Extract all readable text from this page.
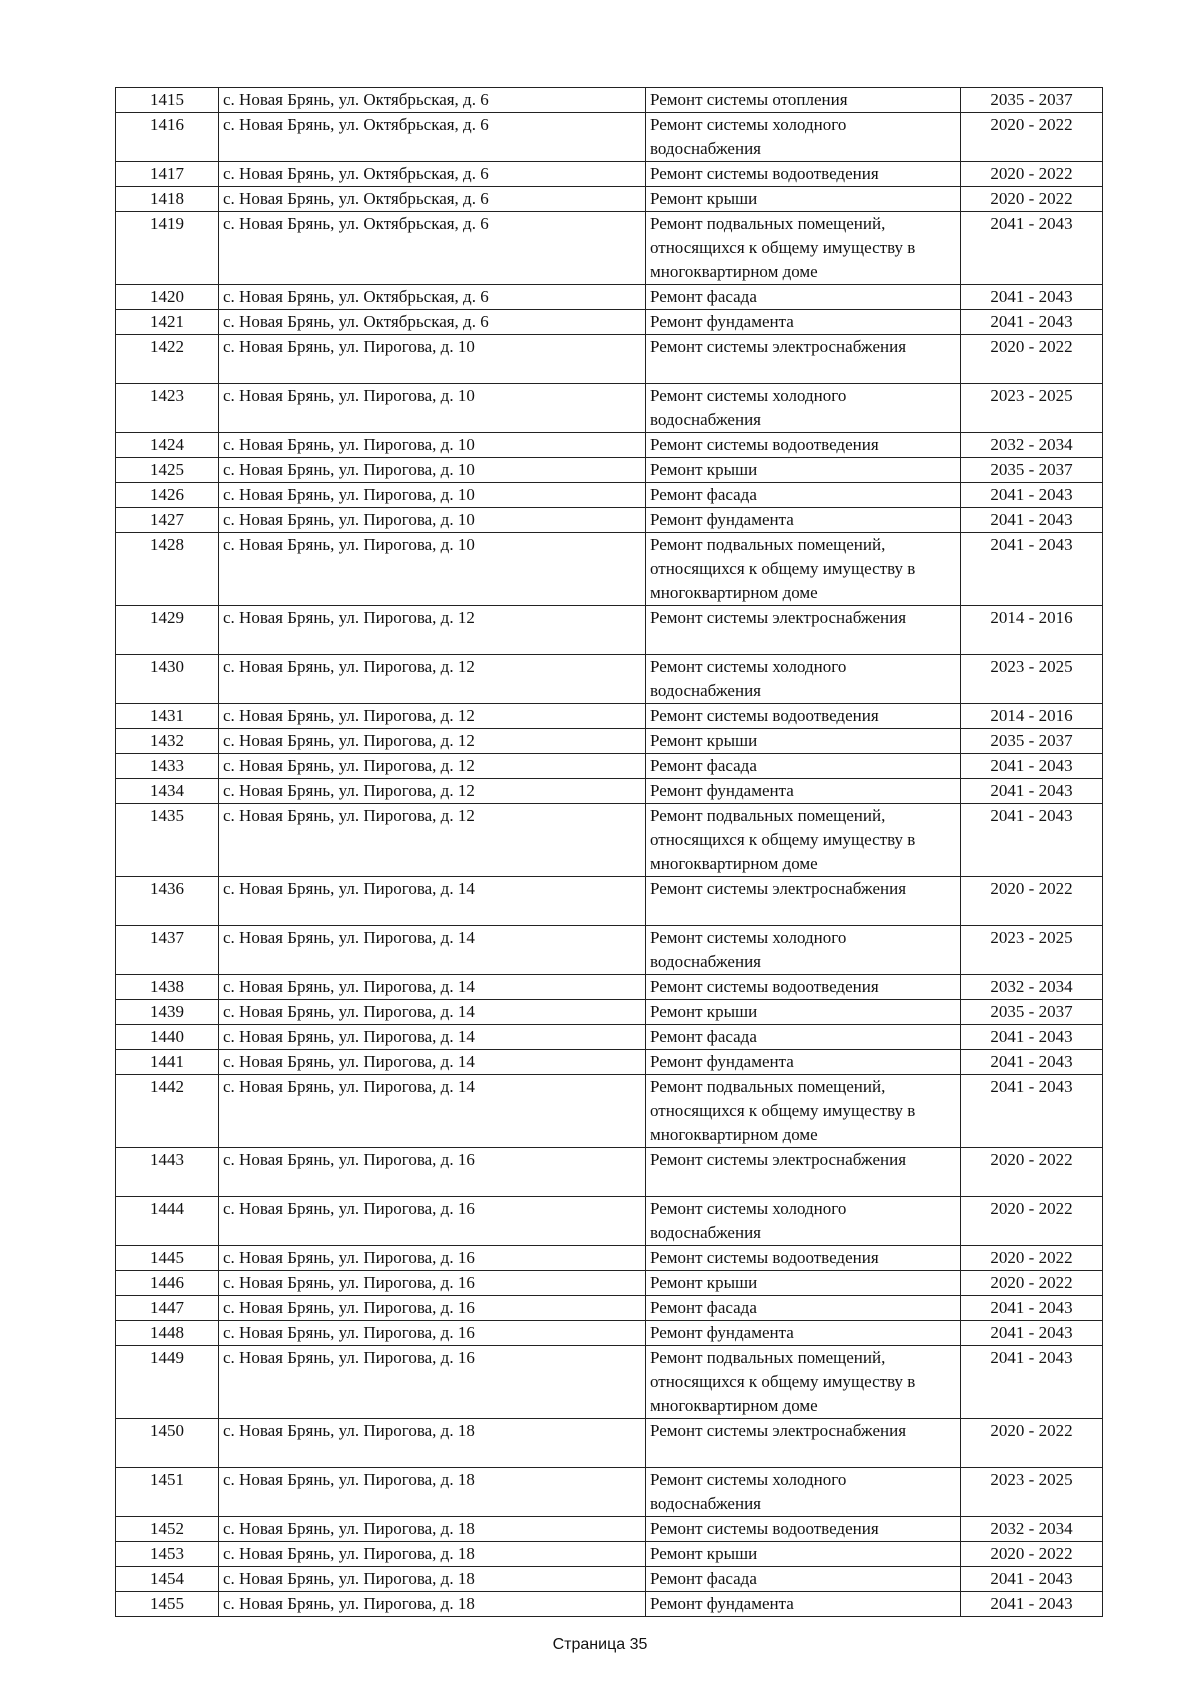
1415	с. Новая Брянь, ул. Октябрьская, д. 6	Ремонт системы отопления	2035 - 2037
1416	с. Новая Брянь, ул. Октябрьская, д. 6	Ремонт системы холодного водоснабжения	2020 - 2022
1417	с. Новая Брянь, ул. Октябрьская, д. 6	Ремонт системы водоотведения	2020 - 2022
1418	с. Новая Брянь, ул. Октябрьская, д. 6	Ремонт крыши	2020 - 2022
1419	с. Новая Брянь, ул. Октябрьская, д. 6	Ремонт подвальных помещений, относящихся к общему имуществу в многоквартирном доме	2041 - 2043
1420	с. Новая Брянь, ул. Октябрьская, д. 6	Ремонт фасада	2041 - 2043
1421	с. Новая Брянь, ул. Октябрьская, д. 6	Ремонт фундамента	2041 - 2043
1422	с. Новая Брянь, ул. Пирогова, д. 10	Ремонт системы электроснабжения	2020 - 2022
1423	с. Новая Брянь, ул. Пирогова, д. 10	Ремонт системы холодного водоснабжения	2023 - 2025
1424	с. Новая Брянь, ул. Пирогова, д. 10	Ремонт системы водоотведения	2032 - 2034
1425	с. Новая Брянь, ул. Пирогова, д. 10	Ремонт крыши	2035 - 2037
1426	с. Новая Брянь, ул. Пирогова, д. 10	Ремонт фасада	2041 - 2043
1427	с. Новая Брянь, ул. Пирогова, д. 10	Ремонт фундамента	2041 - 2043
1428	с. Новая Брянь, ул. Пирогова, д. 10	Ремонт подвальных помещений, относящихся к общему имуществу в многоквартирном доме	2041 - 2043
1429	с. Новая Брянь, ул. Пирогова, д. 12	Ремонт системы электроснабжения	2014 - 2016
1430	с. Новая Брянь, ул. Пирогова, д. 12	Ремонт системы холодного водоснабжения	2023 - 2025
1431	с. Новая Брянь, ул. Пирогова, д. 12	Ремонт системы водоотведения	2014 - 2016
1432	с. Новая Брянь, ул. Пирогова, д. 12	Ремонт крыши	2035 - 2037
1433	с. Новая Брянь, ул. Пирогова, д. 12	Ремонт фасада	2041 - 2043
1434	с. Новая Брянь, ул. Пирогова, д. 12	Ремонт фундамента	2041 - 2043
1435	с. Новая Брянь, ул. Пирогова, д. 12	Ремонт подвальных помещений, относящихся к общему имуществу в многоквартирном доме	2041 - 2043
1436	с. Новая Брянь, ул. Пирогова, д. 14	Ремонт системы электроснабжения	2020 - 2022
1437	с. Новая Брянь, ул. Пирогова, д. 14	Ремонт системы холодного водоснабжения	2023 - 2025
1438	с. Новая Брянь, ул. Пирогова, д. 14	Ремонт системы водоотведения	2032 - 2034
1439	с. Новая Брянь, ул. Пирогова, д. 14	Ремонт крыши	2035 - 2037
1440	с. Новая Брянь, ул. Пирогова, д. 14	Ремонт фасада	2041 - 2043
1441	с. Новая Брянь, ул. Пирогова, д. 14	Ремонт фундамента	2041 - 2043
1442	с. Новая Брянь, ул. Пирогова, д. 14	Ремонт подвальных помещений, относящихся к общему имуществу в многоквартирном доме	2041 - 2043
1443	с. Новая Брянь, ул. Пирогова, д. 16	Ремонт системы электроснабжения	2020 - 2022
1444	с. Новая Брянь, ул. Пирогова, д. 16	Ремонт системы холодного водоснабжения	2020 - 2022
1445	с. Новая Брянь, ул. Пирогова, д. 16	Ремонт системы водоотведения	2020 - 2022
1446	с. Новая Брянь, ул. Пирогова, д. 16	Ремонт крыши	2020 - 2022
1447	с. Новая Брянь, ул. Пирогова, д. 16	Ремонт фасада	2041 - 2043
1448	с. Новая Брянь, ул. Пирогова, д. 16	Ремонт фундамента	2041 - 2043
1449	с. Новая Брянь, ул. Пирогова, д. 16	Ремонт подвальных помещений, относящихся к общему имуществу в многоквартирном доме	2041 - 2043
1450	с. Новая Брянь, ул. Пирогова, д. 18	Ремонт системы электроснабжения	2020 - 2022
1451	с. Новая Брянь, ул. Пирогова, д. 18	Ремонт системы холодного водоснабжения	2023 - 2025
1452	с. Новая Брянь, ул. Пирогова, д. 18	Ремонт системы водоотведения	2032 - 2034
1453	с. Новая Брянь, ул. Пирогова, д. 18	Ремонт крыши	2020 - 2022
1454	с. Новая Брянь, ул. Пирогова, д. 18	Ремонт фасада	2041 - 2043
1455	с. Новая Брянь, ул. Пирогова, д. 18	Ремонт фундамента	2041 - 2043
Страница 35
